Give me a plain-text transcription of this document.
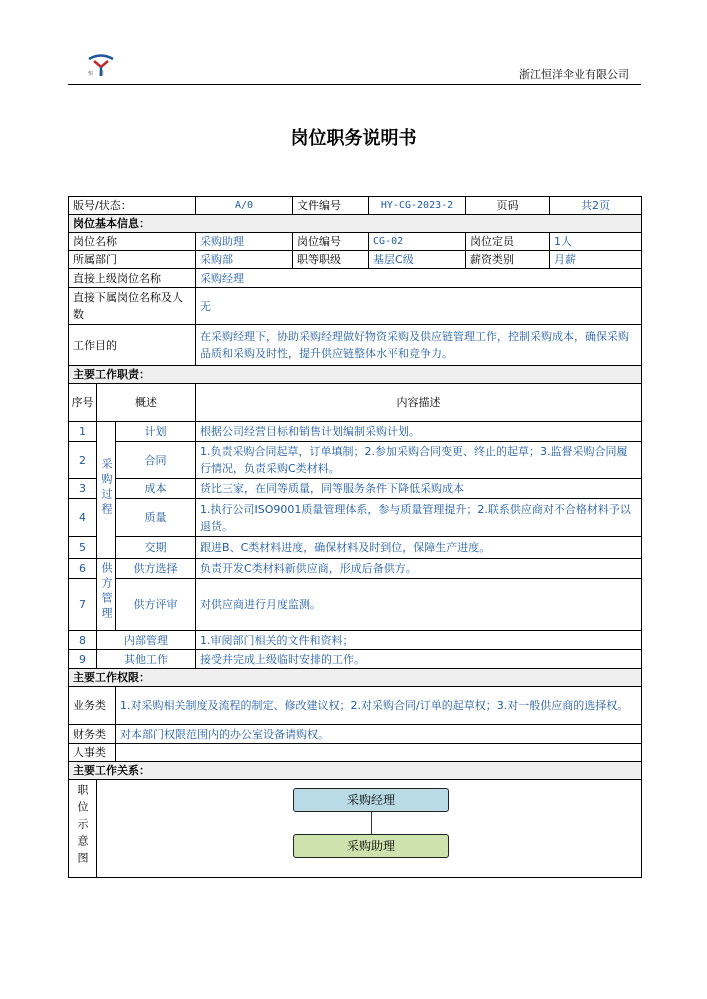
恒洋	浙江恒洋伞业有限公司
岗位职务说明书
版号/状态：			A/0	文件编号	HY-CG-2023-2	页码	共2页
岗位基本信息：							
岗位名称			采购助理	岗位编号	CG-02	岗位定员	1人
所属部门			采购部	职等职级	基层C级	薪资类别	月薪
直接上级岗位名称			采购经理				
直接下属岗位名称及人数			无				
工作目的			在采购经理下，协助采购经理做好物资采购及供应链管理工作，控制采购成本，确保采购品质和采购及时性，提升供应链整体水平和竞争力。				
主要工作职责：							
序号	概述		内容描述				
1	采购过程	计划	根据公司经营目标和销售计划编制采购计划。				
2		合同	1.负责采购合同起草，订单填制；2.参加采购合同变更、终止的起草；3.监督采购合同履行情况，负责采购C类材料。				
3		成本	货比三家，在同等质量，同等服务条件下降低采购成本				
4		质量	1.执行公司ISO9001质量管理体系，参与质量管理提升；2.联系供应商对不合格材料予以退货。				
5		交期	跟进B、C类材料进度，确保材料及时到位，保障生产进度。				
6	供方管理	供方选择	负责开发C类材料新供应商，形成后备供方。				
7		供方评审	对供应商进行月度监测。				
8	内部管理		1.审阅部门相关的文件和资料；				
9	其他工作		接受并完成上级临时安排的工作。				
主要工作权限：							
业务类		1.对采购相关制度及流程的制定、修改建议权；2.对采购合同/订单的起草权；3.对一般供应商的选择权。					
财务类		对本部门权限范围内的办公室设备请购权。					
人事类							
主要工作关系：							
职位示意图	采购经理
采购助理						
